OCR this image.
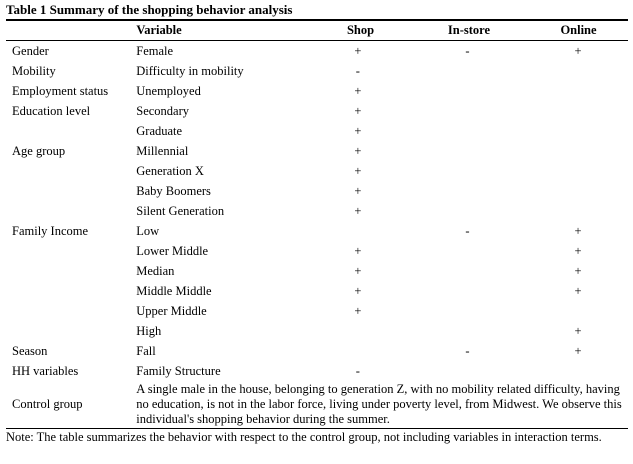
Table 1 Summary of the shopping behavior analysis
Variable	Shop	In-store	Online
Gender	Female	+	-	+
Mobility	Difficulty in mobility	-		
Employment status	Unemployed	+		
Education level	Secondary	+		
	Graduate	+		
Age group	Millennial	+		
	Generation X	+		
	Baby Boomers	+		
	Silent Generation	+		
Family Income	Low		-	+
	Lower Middle	+		+
	Median	+		+
	Middle Middle	+		+
	Upper Middle	+		
	High			+
Season	Fall		-	+
HH variables	Family Structure	-		
Control group	A single male in the house, belonging to generation Z, with no mobility related difficulty, having no education, is not in the labor force, living under poverty level, from Midwest. We observe this individual's shopping behavior during the summer.			
Note: The table summarizes the behavior with respect to the control group, not including variables in interaction terms.
